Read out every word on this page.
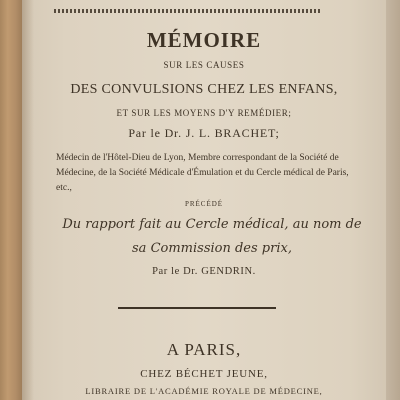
MÉMOIRE

SUR LES CAUSES

DES CONVULSIONS CHEZ LES ENFANS,

ET SUR LES MOYENS D'Y REMÉDIER;

Par le Dr. J. L. BRACHET;

Médecin de l'Hôtel-Dieu de Lyon, Membre correspondant de la Société de Médecine, de la Société Médicale d'Émulation et du Cercle médical de Paris, etc.,

PRÉCÉDÉ

Du rapport fait au Cercle médical, au nom de sa Commission des prix,

Par le Dr. GENDRIN.

A PARIS,

CHEZ BÉCHET JEUNE,

LIBRAIRE DE L'ACADÉMIE ROYALE DE MÉDECINE,
